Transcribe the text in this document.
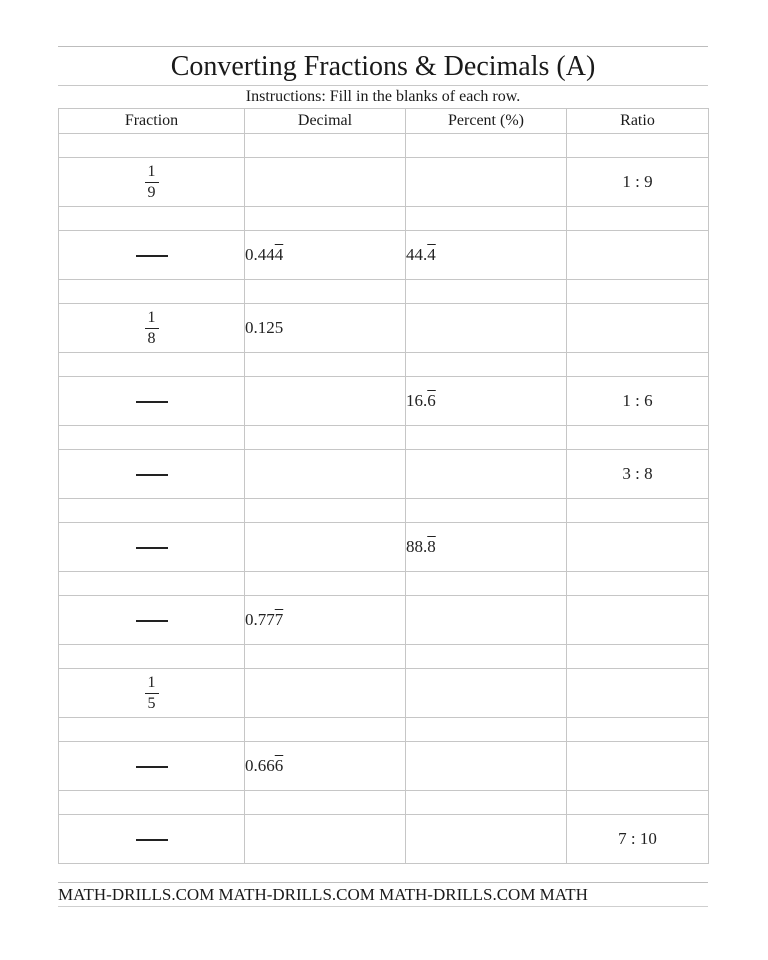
Converting Fractions & Decimals (A)
Instructions: Fill in the blanks of each row.
Fraction	Decimal	Percent (%)	Ratio

$\frac{1}{9}$			1 : 9

	0.444	44.4	

$\frac{1}{8}$	0.125		

		16.6	1 : 6

			3 : 8

		88.8	

	0.777		

$\frac{1}{5}$

	0.666		

			7 : 10
MATH-DRILLS.COM MATH-DRILLS.COM MATH-DRILLS.COM MATH
